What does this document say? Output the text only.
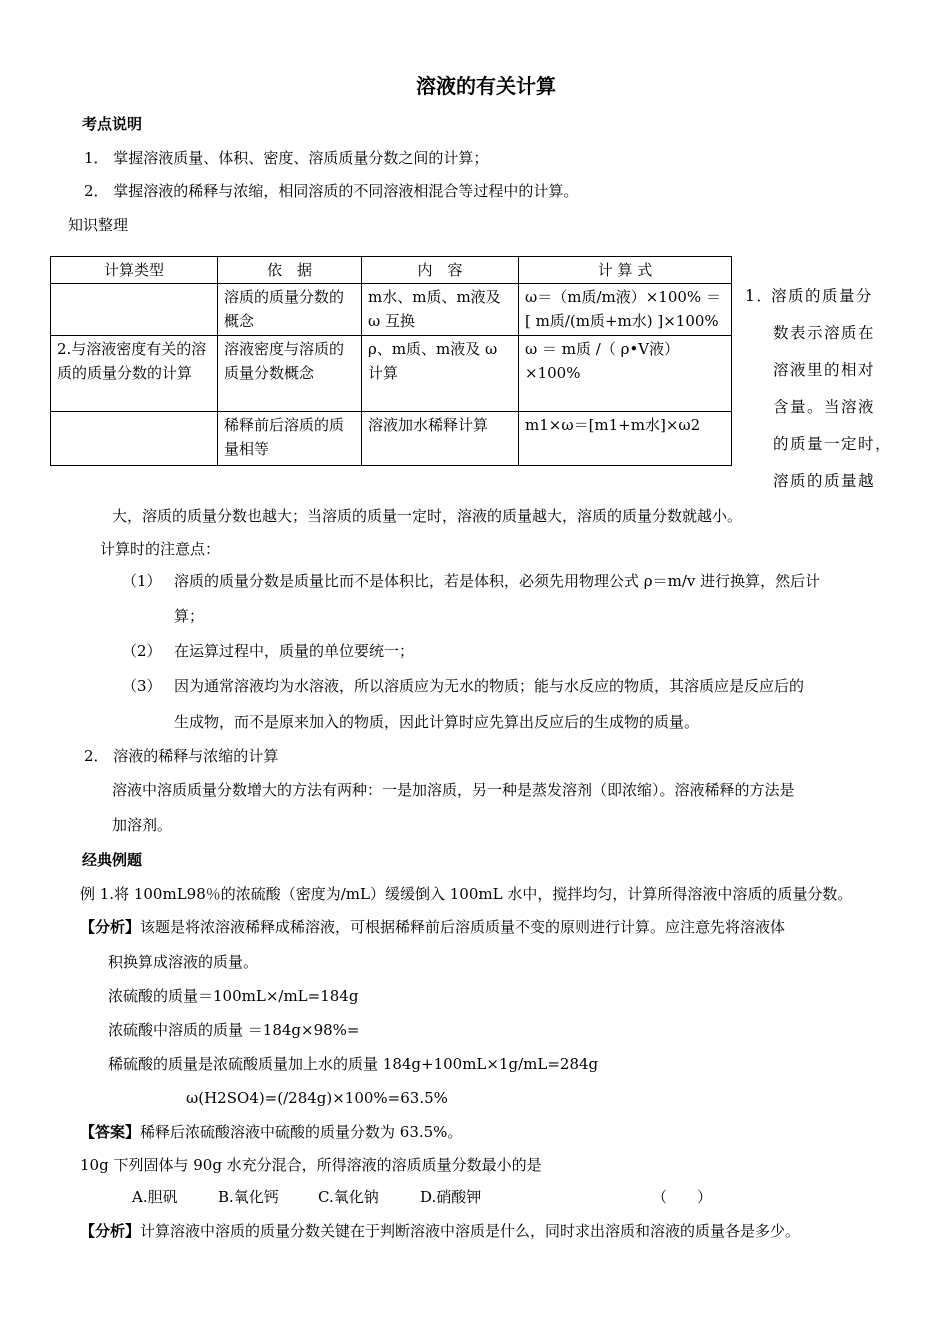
溶液的有关计算
考点说明
1． 掌握溶液质量、体积、密度、溶质质量分数之间的计算；
2． 掌握溶液的稀释与浓缩，相同溶质的不同溶液相混合等过程中的计算。
知识整理
计算类型	依　据	内　容	计 算 式
	溶质的质量分数的概念	m水、m质、m液及 ω 互换	ω＝（m质/m液）×100% ＝[ m质/(m质+m水) ]×100%
2.与溶液密度有关的溶质的质量分数的计算	溶液密度与溶质的质量分数概念	ρ、m质、m液及 ω 计算	ω ＝ m质 /（ ρ•V液）×100%
	稀释前后溶质的质量相等	溶液加水稀释计算	m1×ω＝[m1+m水]×ω2
1．溶质的质量分
数表示溶质在
溶液里的相对
含量。当溶液
的质量一定时，
溶质的质量越
大，溶质的质量分数也越大；当溶质的质量一定时，溶液的质量越大，溶质的质量分数就越小。
计算时的注意点：
（1） 溶质的质量分数是质量比而不是体积比，若是体积，必须先用物理公式 ρ＝m/v 进行换算，然后计
算；
（2） 在运算过程中，质量的单位要统一；
（3） 因为通常溶液均为水溶液，所以溶质应为无水的物质；能与水反应的物质，其溶质应是反应后的
生成物，而不是原来加入的物质，因此计算时应先算出反应后的生成物的质量。
2． 溶液的稀释与浓缩的计算
溶液中溶质质量分数增大的方法有两种：一是加溶质，另一种是蒸发溶剂（即浓缩）。溶液稀释的方法是
加溶剂。
经典例题
例 1.将 100mL98％的浓硫酸（密度为/mL）缓缓倒入 100mL 水中，搅拌均匀，计算所得溶液中溶质的质量分数。
【分析】该题是将浓溶液稀释成稀溶液，可根据稀释前后溶质质量不变的原则进行计算。应注意先将溶液体
积换算成溶液的质量。
浓硫酸的质量＝100mL×/mL=184g
浓硫酸中溶质的质量 ＝184g×98%=
稀硫酸的质量是浓硫酸质量加上水的质量 184g+100mL×1g/mL=284g
ω(H2SO4)=(/284g)×100%=63.5%
【答案】稀释后浓硫酸溶液中硫酸的质量分数为 63.5%。
10g 下列固体与 90g 水充分混合，所得溶液的溶质质量分数最小的是
A.胆矾	B.氧化钙	C.氧化钠	D.硝酸钾	（　　）
【分析】计算溶液中溶质的质量分数关键在于判断溶液中溶质是什么，同时求出溶质和溶液的质量各是多少。
